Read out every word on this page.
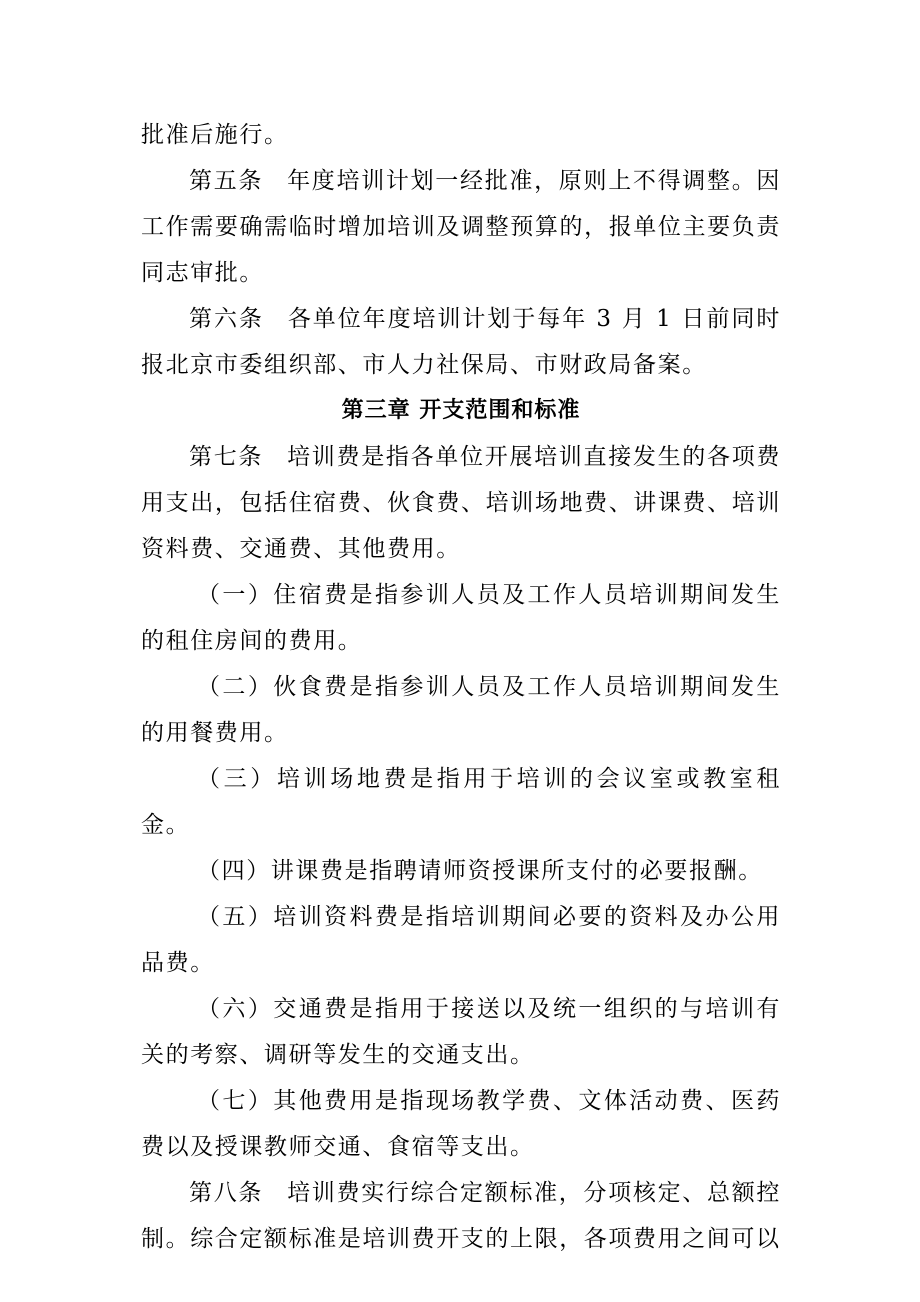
批准后施行。

第五条 年度培训计划一经批准，原则上不得调整。因工作需要确需临时增加培训及调整预算的，报单位主要负责同志审批。

第六条 各单位年度培训计划于每年 3 月 1 日前同时报北京市委组织部、市人力社保局、市财政局备案。

第三章 开支范围和标准

第七条 培训费是指各单位开展培训直接发生的各项费用支出，包括住宿费、伙食费、培训场地费、讲课费、培训资料费、交通费、其他费用。

（一）住宿费是指参训人员及工作人员培训期间发生的租住房间的费用。

（二）伙食费是指参训人员及工作人员培训期间发生的用餐费用。

（三）培训场地费是指用于培训的会议室或教室租金。

（四）讲课费是指聘请师资授课所支付的必要报酬。

（五）培训资料费是指培训期间必要的资料及办公用品费。

（六）交通费是指用于接送以及统一组织的与培训有关的考察、调研等发生的交通支出。

（七）其他费用是指现场教学费、文体活动费、医药费以及授课教师交通、食宿等支出。

第八条 培训费实行综合定额标准，分项核定、总额控制。综合定额标准是培训费开支的上限，各项费用之间可以
